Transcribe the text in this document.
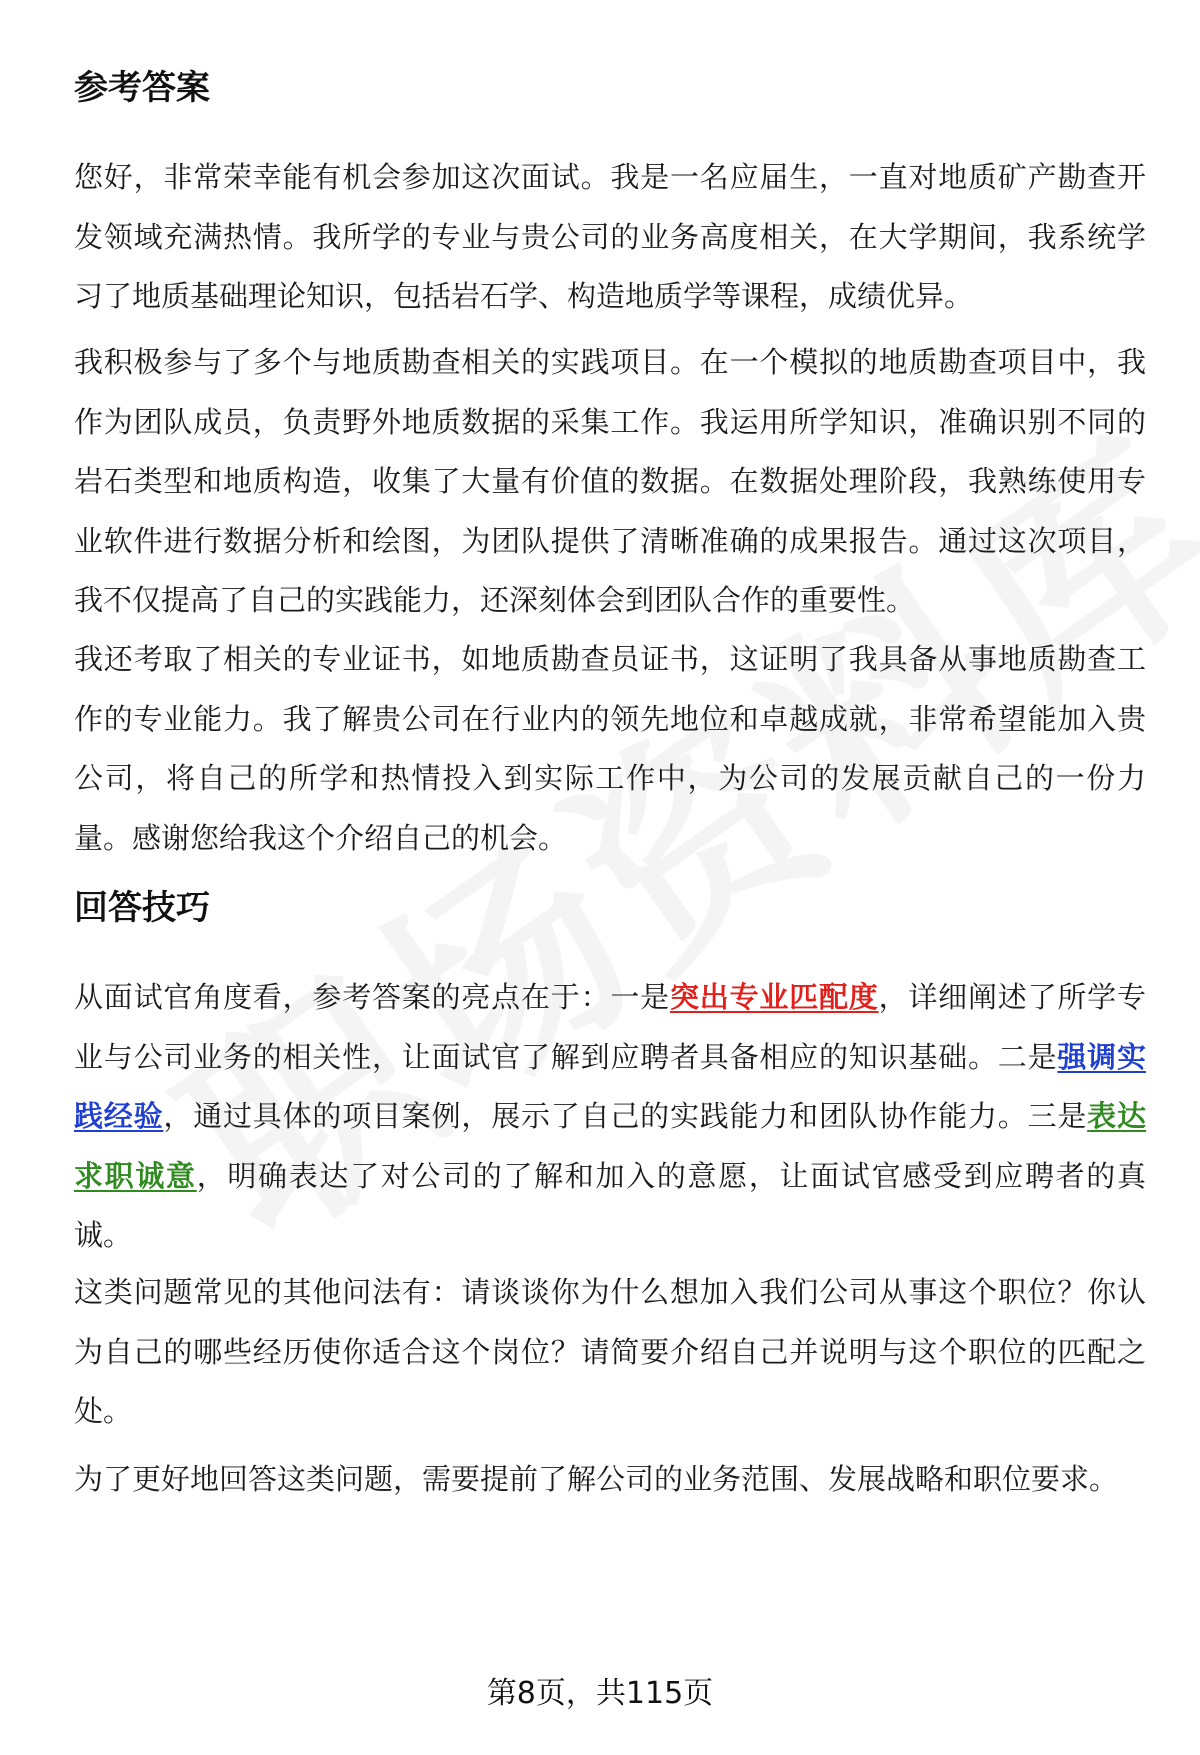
参考答案

您好，非常荣幸能有机会参加这次面试。我是一名应届生，一直对地质矿产勘查开发领域充满热情。我所学的专业与贵公司的业务高度相关，在大学期间，我系统学习了地质基础理论知识，包括岩石学、构造地质学等课程，成绩优异。

我积极参与了多个与地质勘查相关的实践项目。在一个模拟的地质勘查项目中，我作为团队成员，负责野外地质数据的采集工作。我运用所学知识，准确识别不同的岩石类型和地质构造，收集了大量有价值的数据。在数据处理阶段，我熟练使用专业软件进行数据分析和绘图，为团队提供了清晰准确的成果报告。通过这次项目，我不仅提高了自己的实践能力，还深刻体会到团队合作的重要性。

我还考取了相关的专业证书，如地质勘查员证书，这证明了我具备从事地质勘查工作的专业能力。我了解贵公司在行业内的领先地位和卓越成就，非常希望能加入贵公司，将自己的所学和热情投入到实际工作中，为公司的发展贡献自己的一份力量。感谢您给我这个介绍自己的机会。

回答技巧

从面试官角度看，参考答案的亮点在于：一是突出专业匹配度，详细阐述了所学专业与公司业务的相关性，让面试官了解到应聘者具备相应的知识基础。二是强调实践经验，通过具体的项目案例，展示了自己的实践能力和团队协作能力。三是表达求职诚意，明确表达了对公司的了解和加入的意愿，让面试官感受到应聘者的真诚。

这类问题常见的其他问法有：请谈谈你为什么想加入我们公司从事这个职位？你认为自己的哪些经历使你适合这个岗位？请简要介绍自己并说明与这个职位的匹配之处。

为了更好地回答这类问题，需要提前了解公司的业务范围、发展战略和职位要求。

第8页，共115页
